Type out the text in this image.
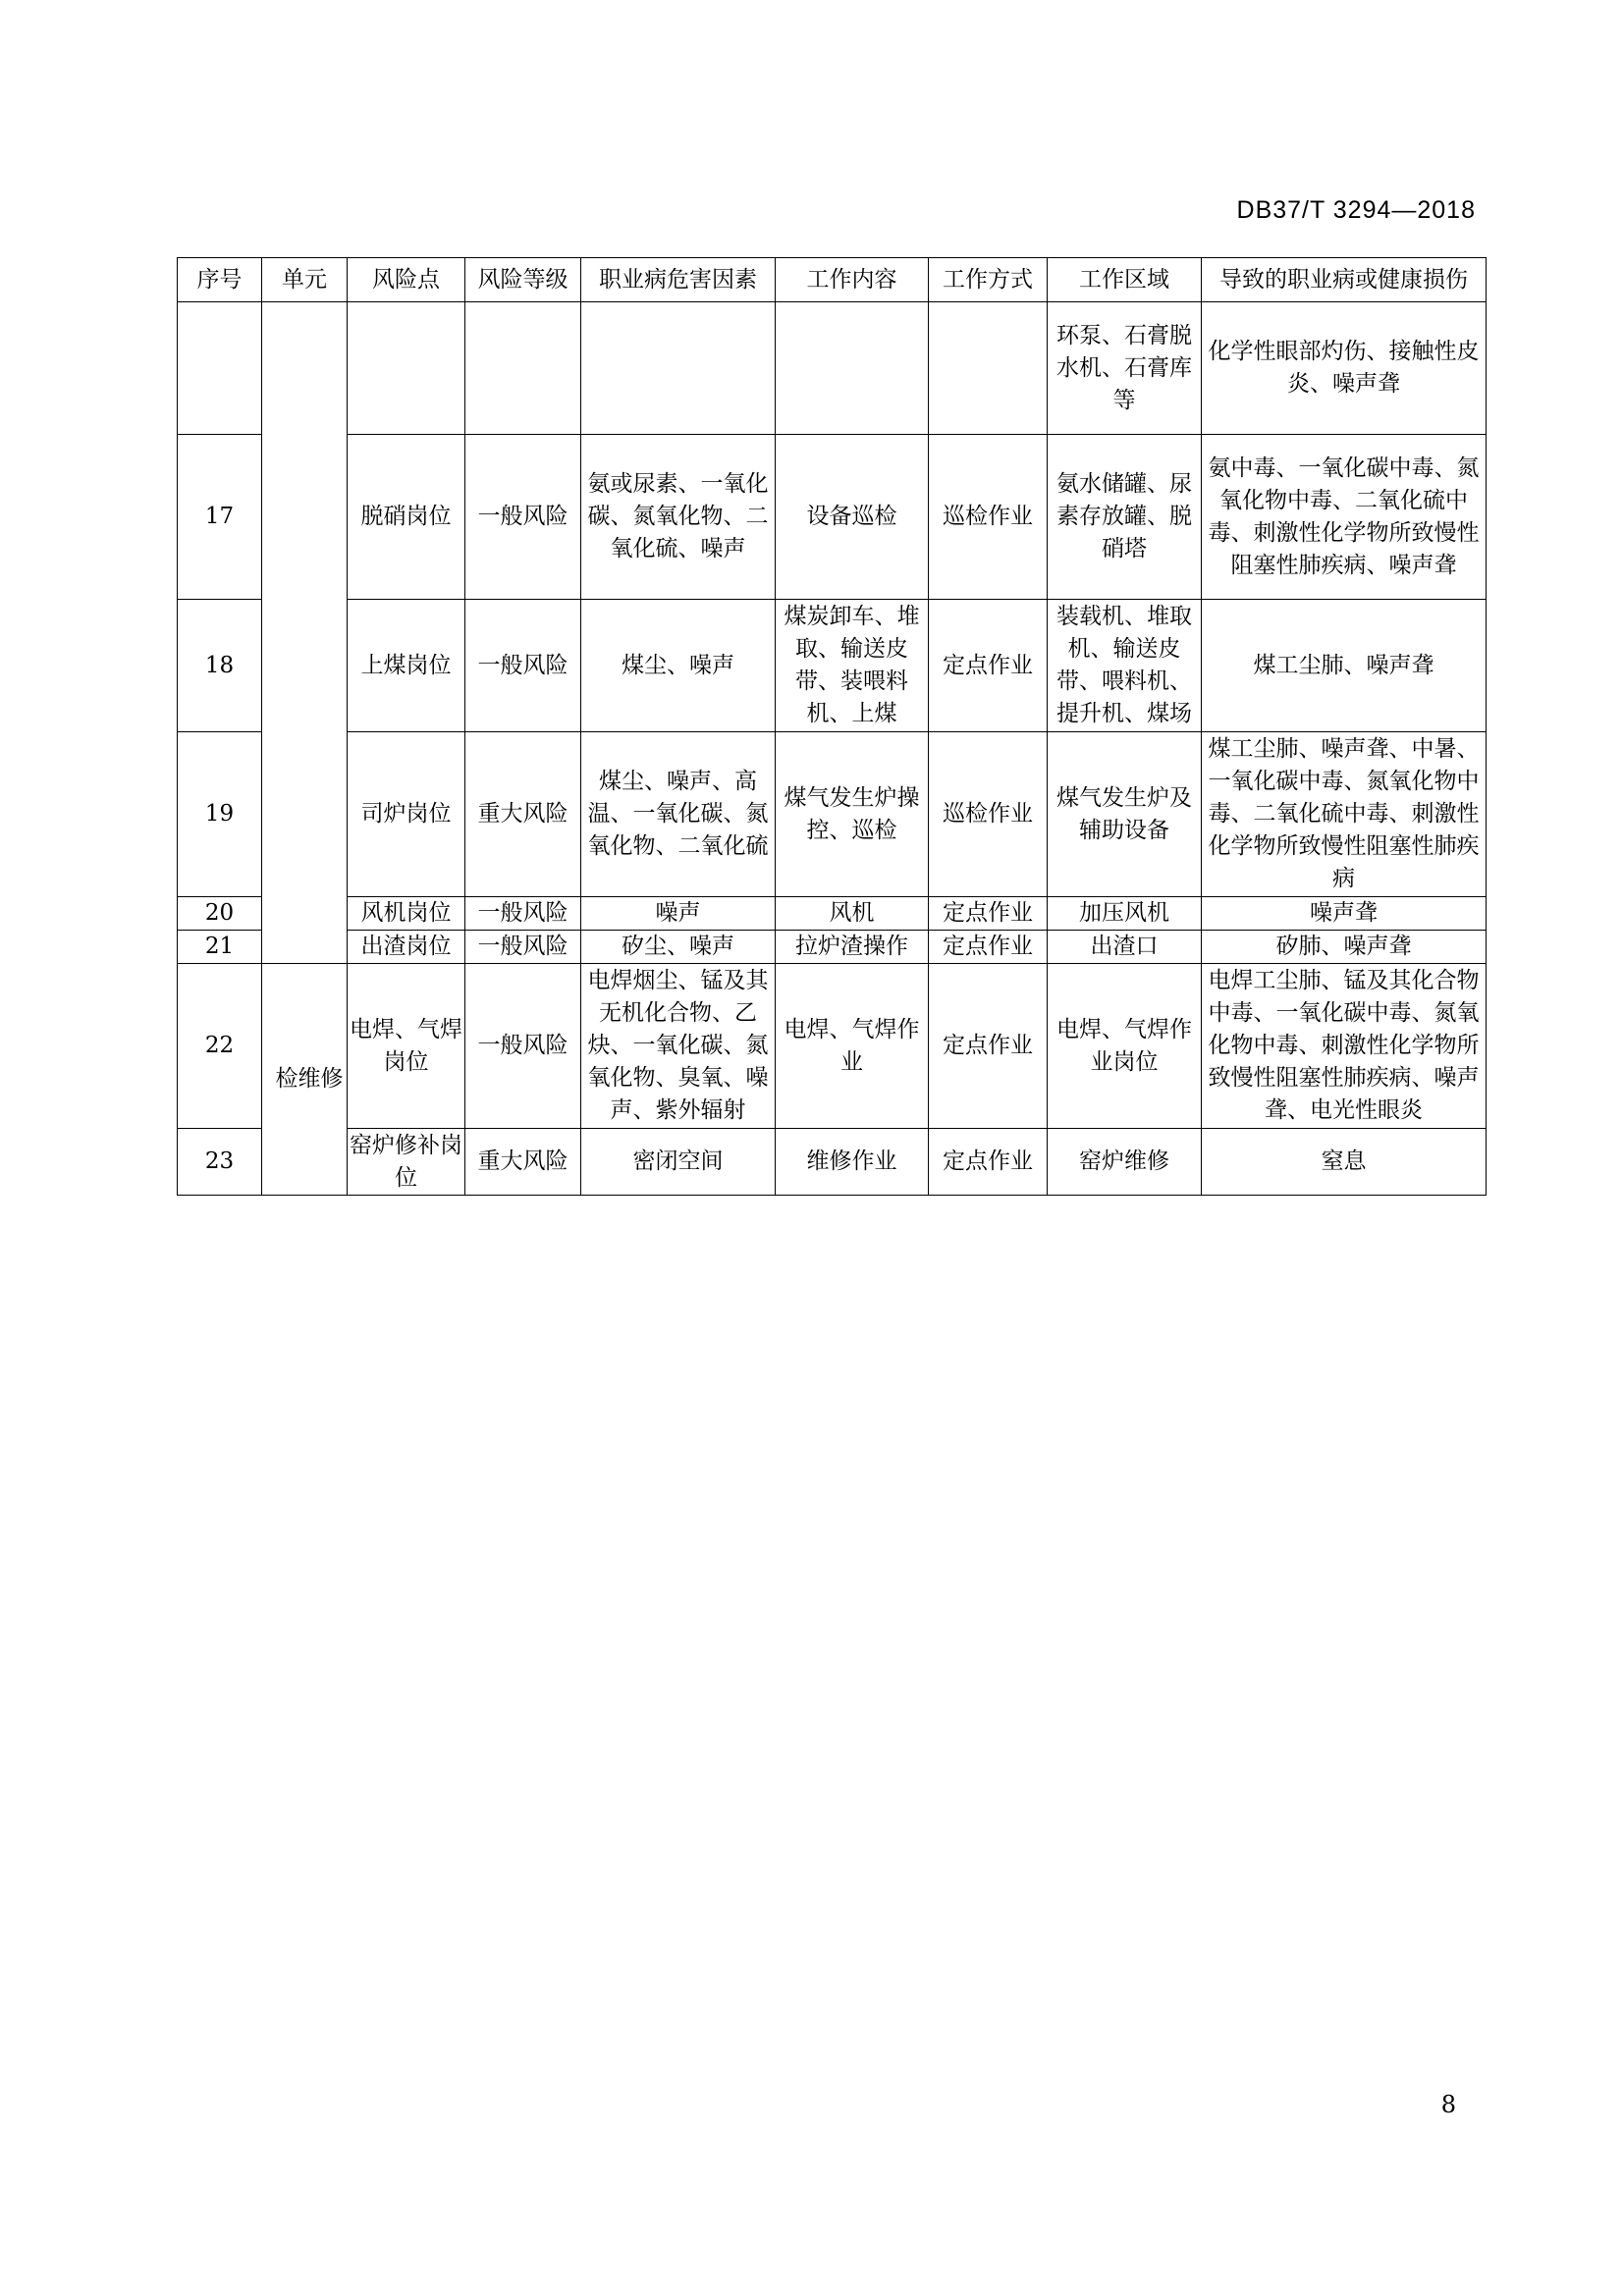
DB37/T 3294—2018
序号	单元	风险点	风险等级	职业病危害因素	工作内容	工作方式	工作区域	导致的职业病或健康损伤
							环泵、石膏脱水机、石膏库等	化学性眼部灼伤、接触性皮炎、噪声聋
17		脱硝岗位	一般风险	氨或尿素、一氧化碳、氮氧化物、二氧化硫、噪声	设备巡检	巡检作业	氨水储罐、尿素存放罐、脱硝塔	氨中毒、一氧化碳中毒、氮氧化物中毒、二氧化硫中毒、刺激性化学物所致慢性阻塞性肺疾病、噪声聋
18		上煤岗位	一般风险	煤尘、噪声	煤炭卸车、堆取、输送皮带、装喂料机、上煤	定点作业	装载机、堆取机、输送皮带、喂料机、提升机、煤场	煤工尘肺、噪声聋
19		司炉岗位	重大风险	煤尘、噪声、高温、一氧化碳、氮氧化物、二氧化硫	煤气发生炉操控、巡检	巡检作业	煤气发生炉及辅助设备	煤工尘肺、噪声聋、中暑、一氧化碳中毒、氮氧化物中毒、二氧化硫中毒、刺激性化学物所致慢性阻塞性肺疾病
20		风机岗位	一般风险	噪声	风机	定点作业	加压风机	噪声聋
21		出渣岗位	一般风险	矽尘、噪声	拉炉渣操作	定点作业	出渣口	矽肺、噪声聋
22	检维修	电焊、气焊岗位	一般风险	电焊烟尘、锰及其无机化合物、乙炔、一氧化碳、氮氧化物、臭氧、噪声、紫外辐射	电焊、气焊作业	定点作业	电焊、气焊作业岗位	电焊工尘肺、锰及其化合物中毒、一氧化碳中毒、氮氧化物中毒、刺激性化学物所致慢性阻塞性肺疾病、噪声聋、电光性眼炎
23		窑炉修补岗位	重大风险	密闭空间	维修作业	定点作业	窑炉维修	窒息
8
